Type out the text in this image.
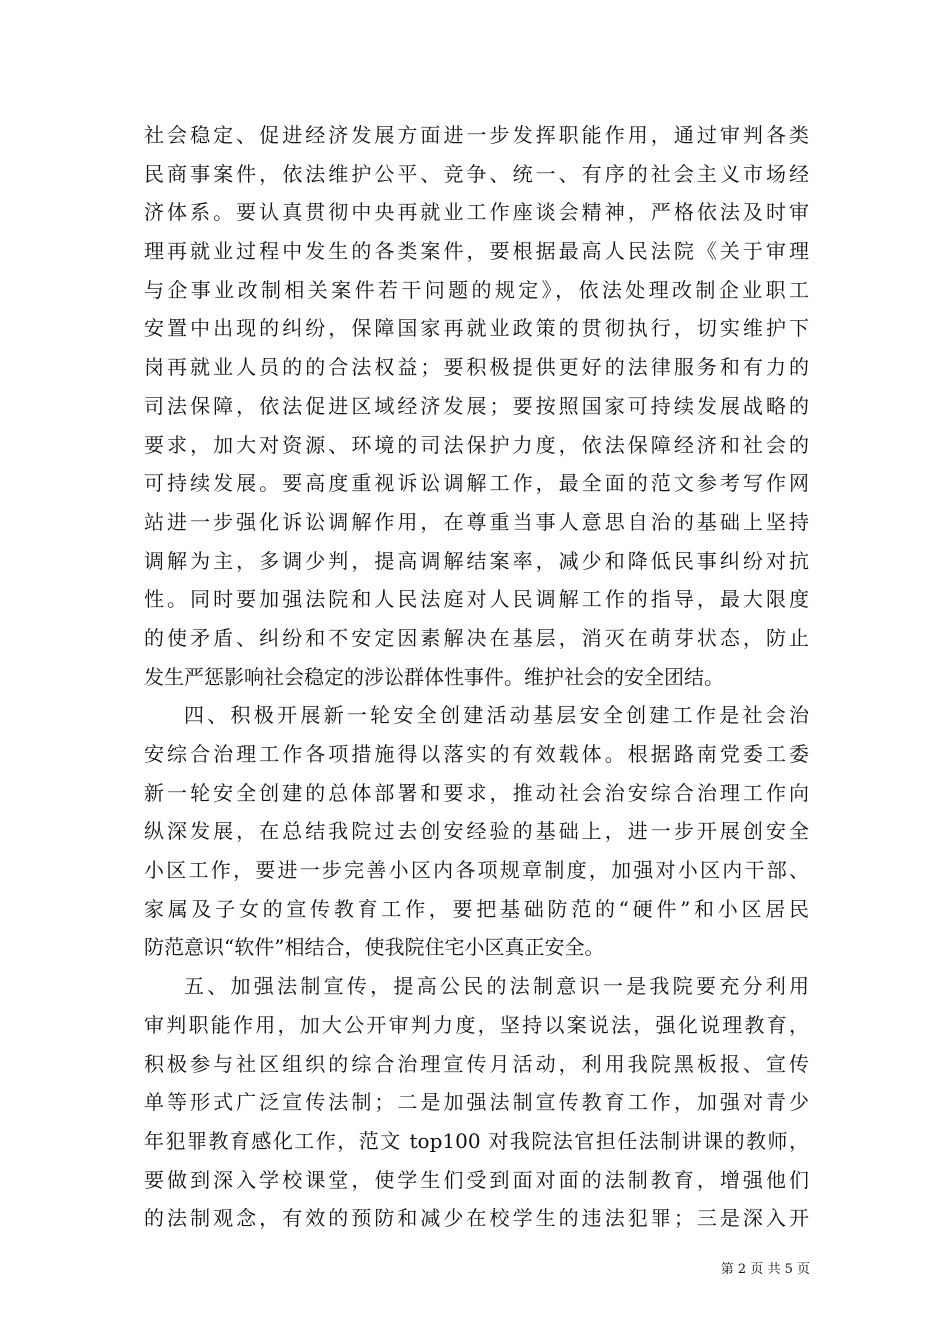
社会稳定、促进经济发展方面进一步发挥职能作用，通过审判各类
民商事案件，依法维护公平、竞争、统一、有序的社会主义市场经
济体系。要认真贯彻中央再就业工作座谈会精神，严格依法及时审
理再就业过程中发生的各类案件，要根据最高人民法院《关于审理
与企事业改制相关案件若干问题的规定》，依法处理改制企业职工
安置中出现的纠纷，保障国家再就业政策的贯彻执行，切实维护下
岗再就业人员的的合法权益；要积极提供更好的法律服务和有力的
司法保障，依法促进区域经济发展；要按照国家可持续发展战略的
要求，加大对资源、环境的司法保护力度，依法保障经济和社会的
可持续发展。要高度重视诉讼调解工作，最全面的范文参考写作网
站进一步强化诉讼调解作用，在尊重当事人意思自治的基础上坚持
调解为主，多调少判，提高调解结案率，减少和降低民事纠纷对抗
性。同时要加强法院和人民法庭对人民调解工作的指导，最大限度
的使矛盾、纠纷和不安定因素解决在基层，消灭在萌芽状态，防止
发生严惩影响社会稳定的涉讼群体性事件。维护社会的安全团结。
四、积极开展新一轮安全创建活动基层安全创建工作是社会治
安综合治理工作各项措施得以落实的有效载体。根据路南党委工委
新一轮安全创建的总体部署和要求，推动社会治安综合治理工作向
纵深发展，在总结我院过去创安经验的基础上，进一步开展创安全
小区工作，要进一步完善小区内各项规章制度，加强对小区内干部、
家属及子女的宣传教育工作，要把基础防范的“硬件”和小区居民
防范意识“软件”相结合，使我院住宅小区真正安全。
五、加强法制宣传，提高公民的法制意识一是我院要充分利用
审判职能作用，加大公开审判力度，坚持以案说法，强化说理教育，
积极参与社区组织的综合治理宣传月活动，利用我院黑板报、宣传
单等形式广泛宣传法制；二是加强法制宣传教育工作，加强对青少
年犯罪教育感化工作，范文 top100 对我院法官担任法制讲课的教师，
要做到深入学校课堂，使学生们受到面对面的法制教育，增强他们
的法制观念，有效的预防和减少在校学生的违法犯罪；三是深入开
第 2 页 共 5 页
